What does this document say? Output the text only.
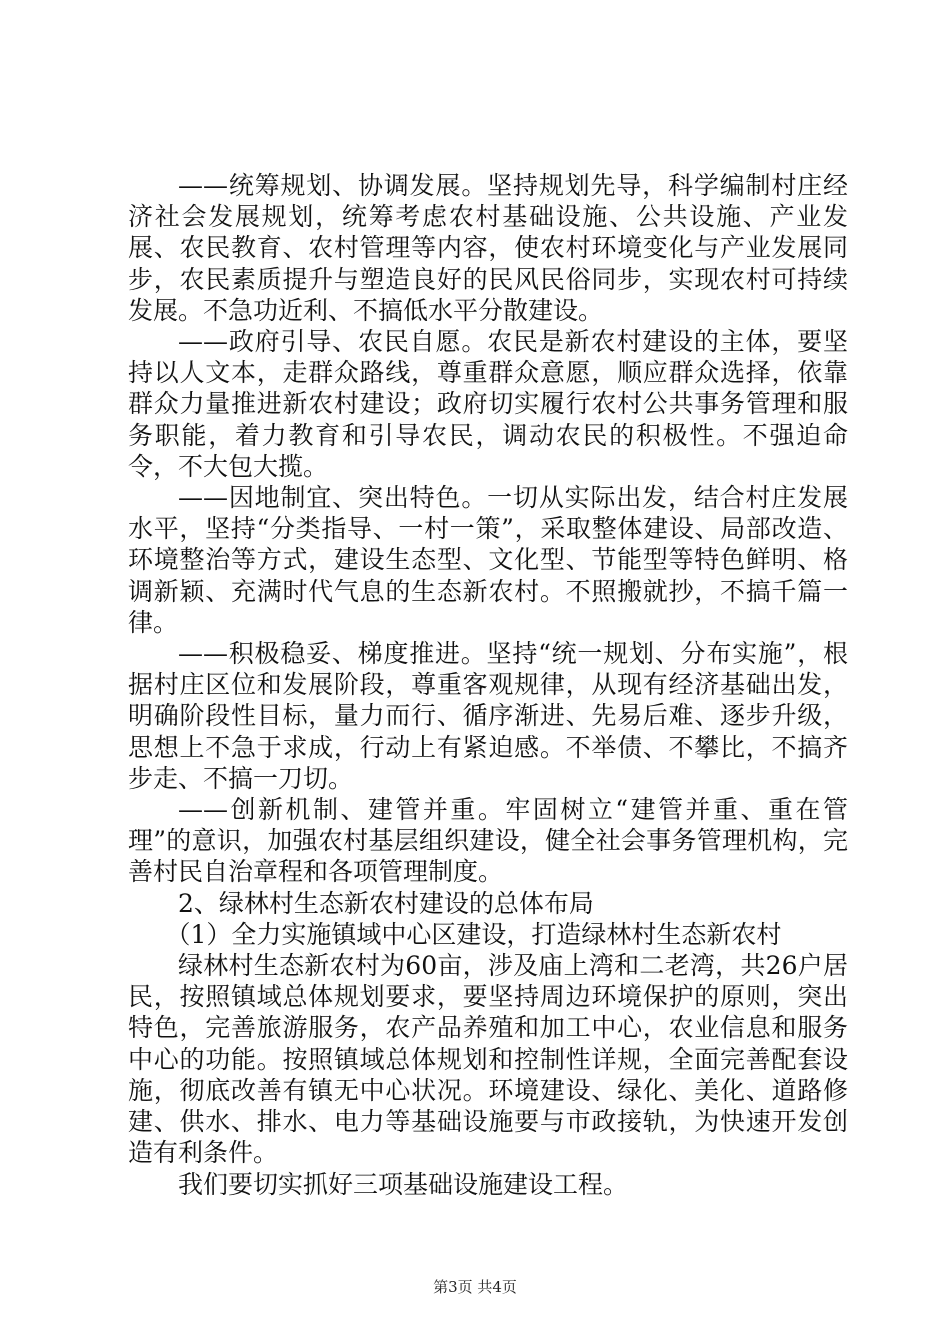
——统筹规划、协调发展。坚持规划先导，科学编制村庄经济社会发展规划，统筹考虑农村基础设施、公共设施、产业发展、农民教育、农村管理等内容，使农村环境变化与产业发展同步，农民素质提升与塑造良好的民风民俗同步，实现农村可持续发展。不急功近利、不搞低水平分散建设。

——政府引导、农民自愿。农民是新农村建设的主体，要坚持以人文本，走群众路线，尊重群众意愿，顺应群众选择，依靠群众力量推进新农村建设；政府切实履行农村公共事务管理和服务职能，着力教育和引导农民，调动农民的积极性。不强迫命令，不大包大揽。

——因地制宜、突出特色。一切从实际出发，结合村庄发展水平，坚持“分类指导、一村一策”，采取整体建设、局部改造、环境整治等方式，建设生态型、文化型、节能型等特色鲜明、格调新颖、充满时代气息的生态新农村。不照搬就抄，不搞千篇一律。

——积极稳妥、梯度推进。坚持“统一规划、分布实施”，根据村庄区位和发展阶段，尊重客观规律，从现有经济基础出发，明确阶段性目标，量力而行、循序渐进、先易后难、逐步升级，思想上不急于求成，行动上有紧迫感。不举债、不攀比，不搞齐步走、不搞一刀切。

——创新机制、建管并重。牢固树立“建管并重、重在管理”的意识，加强农村基层组织建设，健全社会事务管理机构，完善村民自治章程和各项管理制度。

2、绿林村生态新农村建设的总体布局

（1）全力实施镇域中心区建设，打造绿林村生态新农村

绿林村生态新农村为60亩，涉及庙上湾和二老湾，共26户居民，按照镇域总体规划要求，要坚持周边环境保护的原则，突出特色，完善旅游服务，农产品养殖和加工中心，农业信息和服务中心的功能。按照镇域总体规划和控制性详规，全面完善配套设施，彻底改善有镇无中心状况。环境建设、绿化、美化、道路修建、供水、排水、电力等基础设施要与市政接轨，为快速开发创造有利条件。

我们要切实抓好三项基础设施建设工程。

第3页 共4页
